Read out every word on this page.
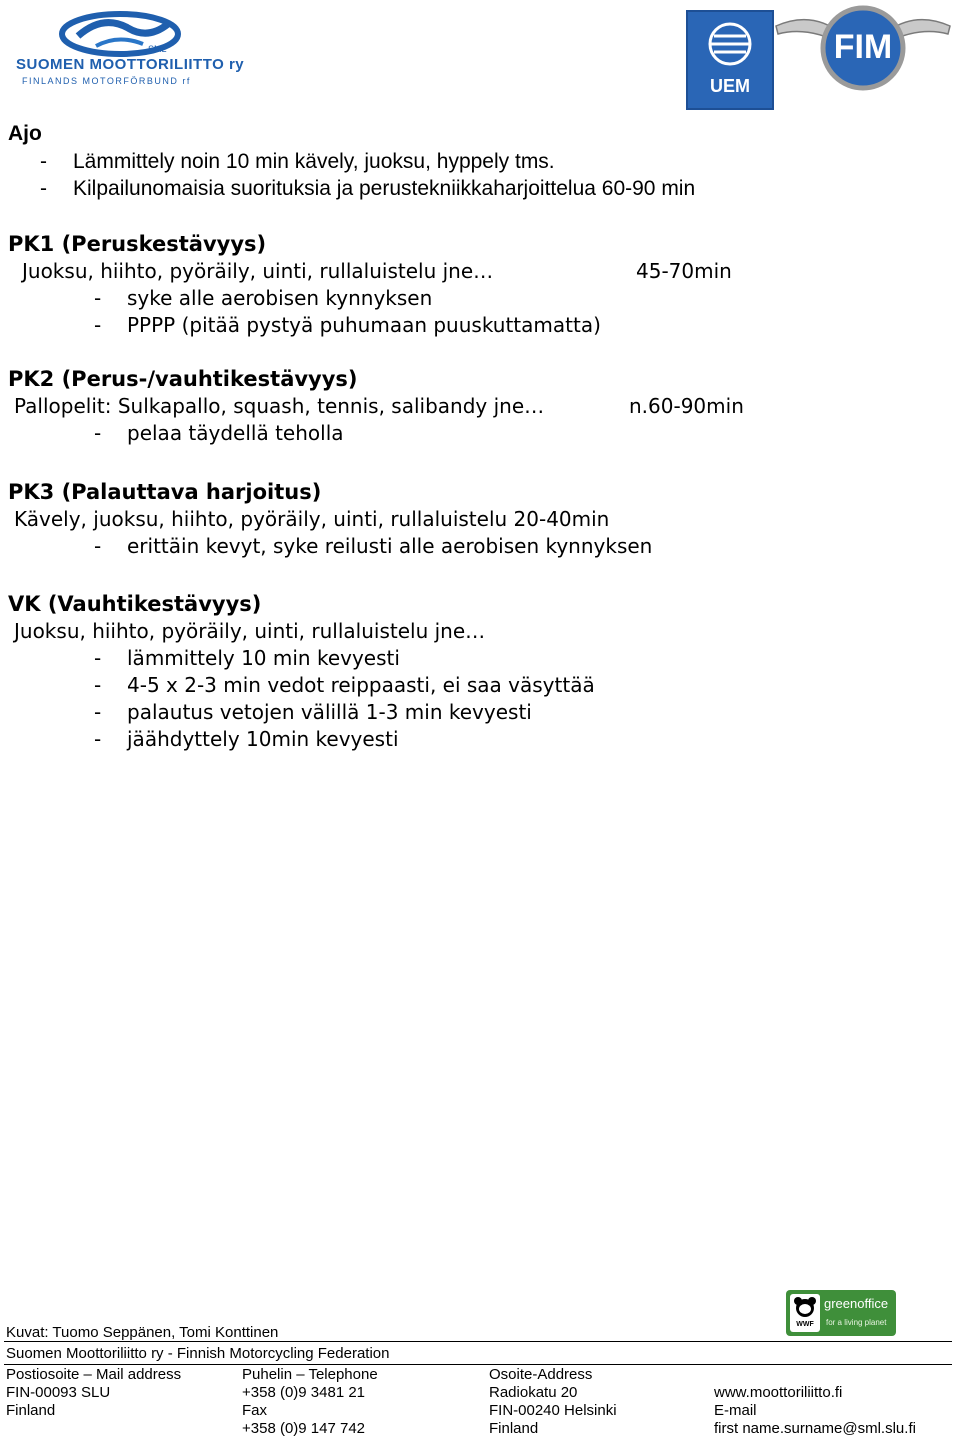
SML
SUOMEN MOOTTORILIITTO ry
FINLANDS MOTORFÖRBUND rf	UEM
FIM
Ajo
- Lämmittely noin 10 min kävely, juoksu, hyppely tms.
- Kilpailunomaisia suorituksia ja perustekniikkaharjoittelua 60-90 min
PK1 (Peruskestävyys)
Juoksu, hiihto, pyöräily, uinti, rullaluistelu jne…	45-70min
- syke alle aerobisen kynnyksen
- PPPP (pitää pystyä puhumaan puuskuttamatta)
PK2 (Perus-/vauhtikestävyys)
Pallopelit: Sulkapallo, squash, tennis, salibandy jne…	n.60-90min
- pelaa täydellä teholla
PK3 (Palauttava harjoitus)
Kävely, juoksu, hiihto, pyöräily, uinti, rullaluistelu 20-40min
- erittäin kevyt, syke reilusti alle aerobisen kynnyksen
VK (Vauhtikestävyys)
Juoksu, hiihto, pyöräily, uinti, rullaluistelu jne…
- lämmittely 10 min kevyesti
- 4-5 x 2-3 min vedot reippaasti, ei saa väsyttää
- palautus vetojen välillä 1-3 min kevyesti
- jäähdyttely 10min kevyesti
WWF
greenoffice
for a living planet
Kuvat: Tuomo Seppänen, Tomi Konttinen
Suomen Moottoriliitto ry - Finnish Motorcycling Federation
Postiosoite – Mail address
FIN-00093 SLU
Finland
Puhelin – Telephone
+358 (0)9 3481 21
Fax
+358 (0)9 147 742
Osoite-Address
Radiokatu 20
FIN-00240 Helsinki
Finland
www.moottoriliitto.fi
E-mail
first name.surname@sml.slu.fi
